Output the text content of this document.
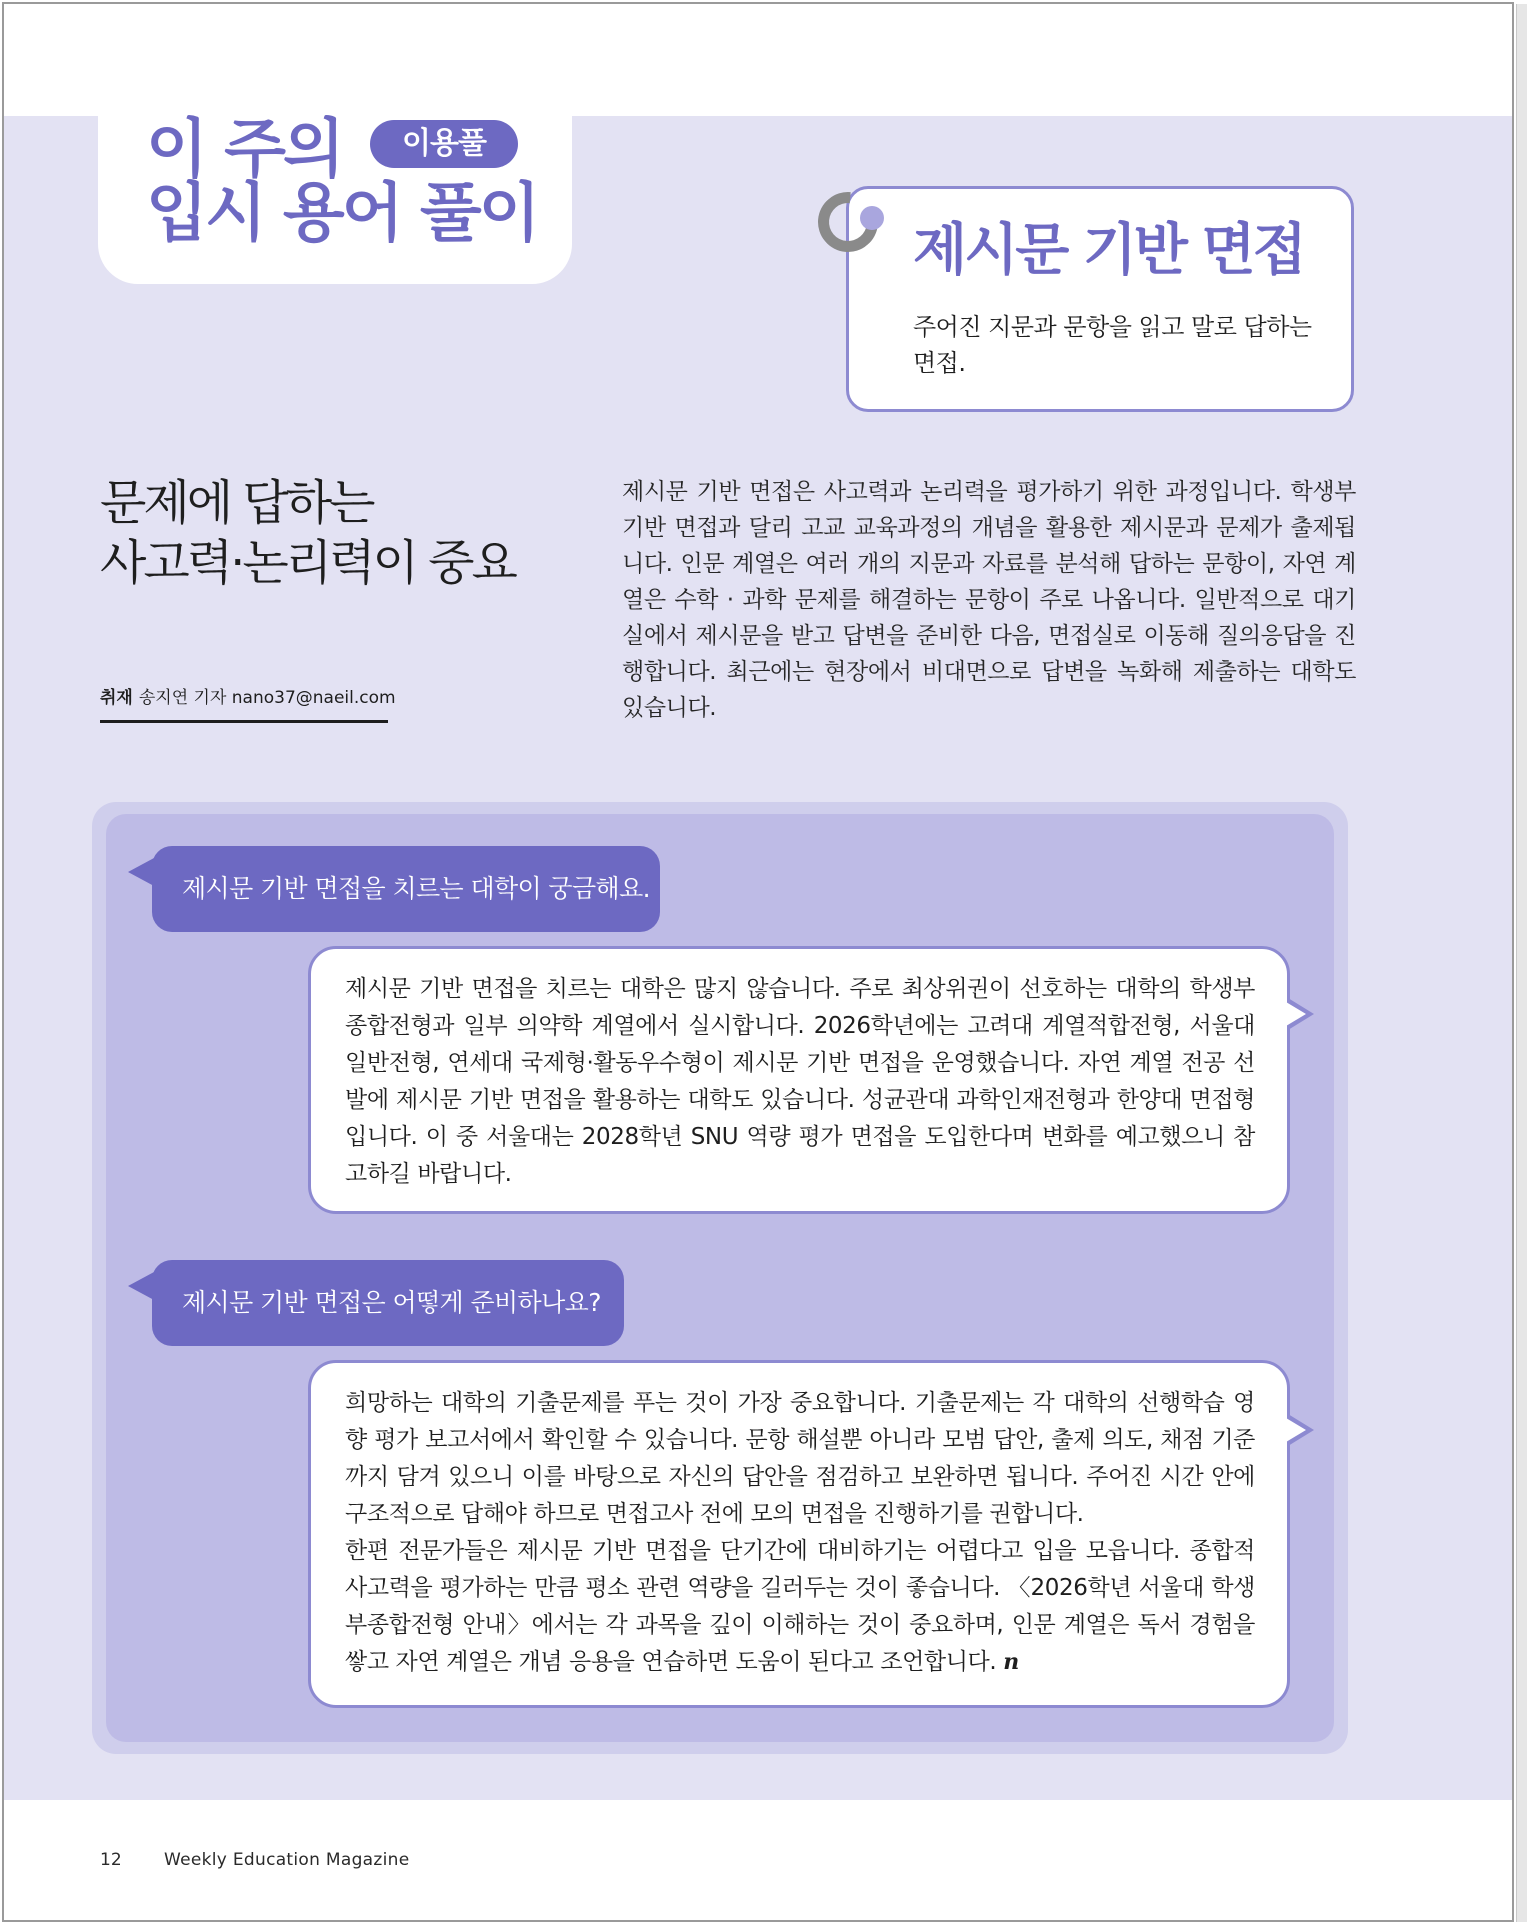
이 주의	이용풀
입시 용어 풀이	제시문 기반 면접
주어진 지문과 문항을 읽고 말로 답하는 면접.
문제에 답하는
사고력·논리력이 중요
취재 송지연 기자 nano37@naeil.com
제시문 기반 면접은 사고력과 논리력을 평가하기 위한 과정입니다. 학생부 기반 면접과 달리 고교 교육과정의 개념을 활용한 제시문과 문제가 출제됩니다. 인문 계열은 여러 개의 지문과 자료를 분석해 답하는 문항이, 자연 계열은 수학 · 과학 문제를 해결하는 문항이 주로 나옵니다. 일반적으로 대기실에서 제시문을 받고 답변을 준비한 다음, 면접실로 이동해 질의응답을 진행합니다. 최근에는 현장에서 비대면으로 답변을 녹화해 제출하는 대학도 있습니다.
제시문 기반 면접을 치르는 대학이 궁금해요.
제시문 기반 면접을 치르는 대학은 많지 않습니다. 주로 최상위권이 선호하는 대학의 학생부종합전형과 일부 의약학 계열에서 실시합니다. 2026학년에는 고려대 계열적합전형, 서울대 일반전형, 연세대 국제형·활동우수형이 제시문 기반 면접을 운영했습니다. 자연 계열 전공 선발에 제시문 기반 면접을 활용하는 대학도 있습니다. 성균관대 과학인재전형과 한양대 면접형입니다. 이 중 서울대는 2028학년 SNU 역량 평가 면접을 도입한다며 변화를 예고했으니 참고하길 바랍니다.
제시문 기반 면접은 어떻게 준비하나요?
희망하는 대학의 기출문제를 푸는 것이 가장 중요합니다. 기출문제는 각 대학의 선행학습 영향 평가 보고서에서 확인할 수 있습니다. 문항 해설뿐 아니라 모범 답안, 출제 의도, 채점 기준까지 담겨 있으니 이를 바탕으로 자신의 답안을 점검하고 보완하면 됩니다. 주어진 시간 안에 구조적으로 답해야 하므로 면접고사 전에 모의 면접을 진행하기를 권합니다.
한편 전문가들은 제시문 기반 면접을 단기간에 대비하기는 어렵다고 입을 모읍니다. 종합적 사고력을 평가하는 만큼 평소 관련 역량을 길러두는 것이 좋습니다. 〈2026학년 서울대 학생부종합전형 안내〉에서는 각 과목을 깊이 이해하는 것이 중요하며, 인문 계열은 독서 경험을 쌓고 자연 계열은 개념 응용을 연습하면 도움이 된다고 조언합니다. n
12 Weekly Education Magazine
